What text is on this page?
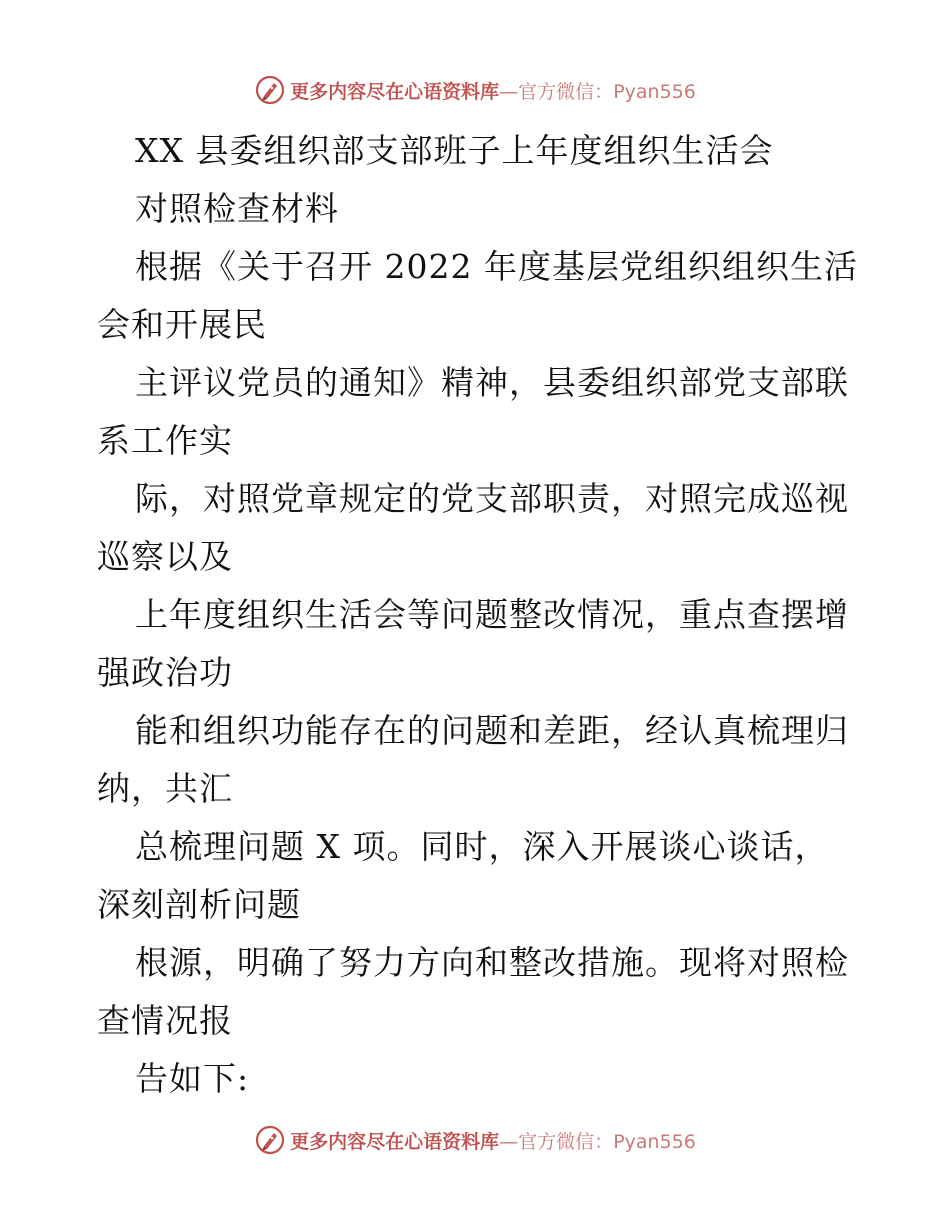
更多内容尽在心语资料库—官方微信：Pyan556
XX 县委组织部支部班子上年度组织生活会
对照检查材料
根据《关于召开 2022 年度基层党组织组织生活
会和开展民
主评议党员的通知》精神，县委组织部党支部联
系工作实
际，对照党章规定的党支部职责，对照完成巡视
巡察以及
上年度组织生活会等问题整改情况，重点查摆增
强政治功
能和组织功能存在的问题和差距，经认真梳理归
纳，共汇
总梳理问题 X 项。同时，深入开展谈心谈话，
深刻剖析问题
根源，明确了努力方向和整改措施。现将对照检
查情况报
告如下:
更多内容尽在心语资料库—官方微信：Pyan556
